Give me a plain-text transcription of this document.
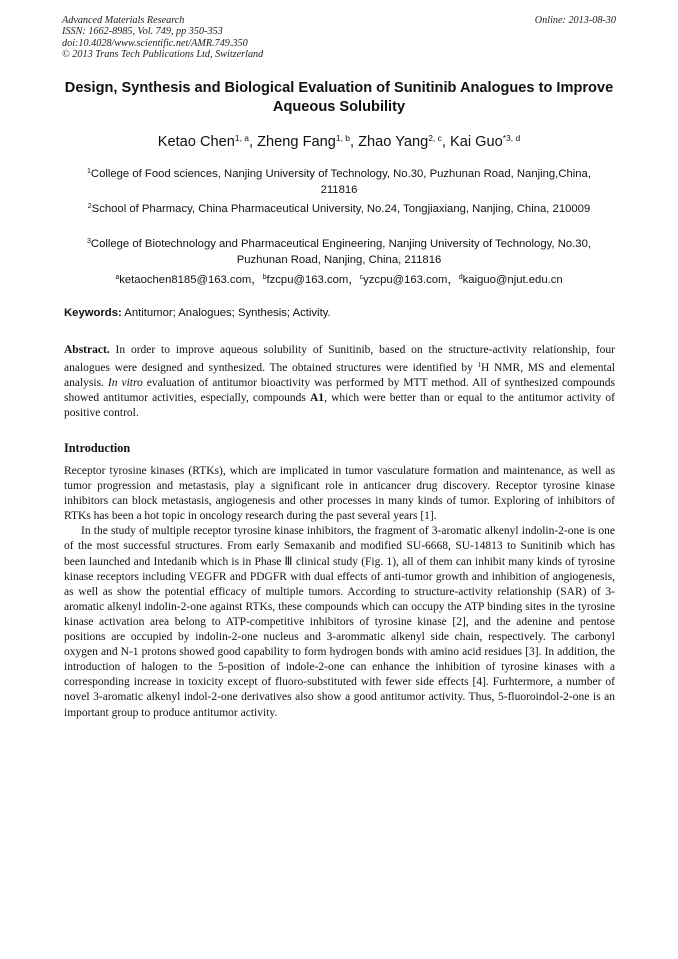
Advanced Materials Research
ISSN: 1662-8985, Vol. 749, pp 350-353
doi:10.4028/www.scientific.net/AMR.749.350
© 2013 Trans Tech Publications Ltd, Switzerland
Online: 2013-08-30
Design, Synthesis and Biological Evaluation of Sunitinib Analogues to Improve Aqueous Solubility
Ketao Chen$^{1, a}$, Zheng Fang$^{1, b}$, Zhao Yang$^{2, c}$, Kai Guo$^{*3, d}$
$^1$College of Food sciences, Nanjing University of Technology, No.30, Puzhunan Road, Nanjing,China, 211816
$^2$School of Pharmacy, China Pharmaceutical University, No.24, Tongjiaxiang, Nanjing, China, 210009
$^3$College of Biotechnology and Pharmaceutical Engineering, Nanjing University of Technology, No.30, Puzhunan Road, Nanjing, China, 211816
$^a$ketaochen8185@163.com，$^b$fzcpu@163.com，$^c$yzcpu@163.com，$^d$kaiguo@njut.edu.cn
Keywords: Antitumor; Analogues; Synthesis; Activity.
Abstract. In order to improve aqueous solubility of Sunitinib, based on the structure-activity relationship, four analogues were designed and synthesized. The obtained structures were identified by $^1$H NMR, MS and elemental analysis. In vitro evaluation of antitumor bioactivity was performed by MTT method. All of synthesized compounds showed antitumor activities, especially, compounds A1, which were better than or equal to the antitumor activity of positive control.
Introduction

Receptor tyrosine kinases (RTKs), which are implicated in tumor vasculature formation and maintenance, as well as tumor progression and metastasis, play a significant role in anticancer drug discovery. Receptor tyrosine kinase inhibitors can block metastasis, angiogenesis and other processes in many kinds of tumor. Exploring of inhibitors of RTKs has been a hot topic in oncology research during the past several years [1].

In the study of multiple receptor tyrosine kinase inhibitors, the fragment of 3-aromatic alkenyl indolin-2-one is one of the most successful structures. From early Semaxanib and modified SU-6668, SU-14813 to Sunitinib which has been launched and Intedanib which is in Phase Ⅲ clinical study (Fig. 1), all of them can inhibit many kinds of tyrosine kinase receptors including VEGFR and PDGFR with dual effects of anti-tumor growth and inhibition of angiogenesis, as well as show the potential efficacy of multiple tumors. According to structure-activity relationship (SAR) of 3-aromatic alkenyl indolin-2-one against RTKs, these compounds which can occupy the ATP binding sites in the tyrosine kinase activation area belong to ATP-competitive inhibitors of tyrosine kinase [2], and the adenine and pentose positions are occupied by indolin-2-one nucleus and 3-arommatic alkenyl side chain, respectively. The carbonyl oxygen and N-1 protons showed good capability to form hydrogen bonds with amino acid residues [3]. In addition, the introduction of halogen to the 5-position of indole-2-one can enhance the inhibition of tyrosine kinases with a corresponding increase in toxicity except of fluoro-substituted with fewer side effects [4]. Furhtermore, a number of novel 3-aromatic alkenyl indol-2-one derivatives also show a good antitumor activity. Thus, 5-fluoroindol-2-one is an important group to produce antitumor activity.
